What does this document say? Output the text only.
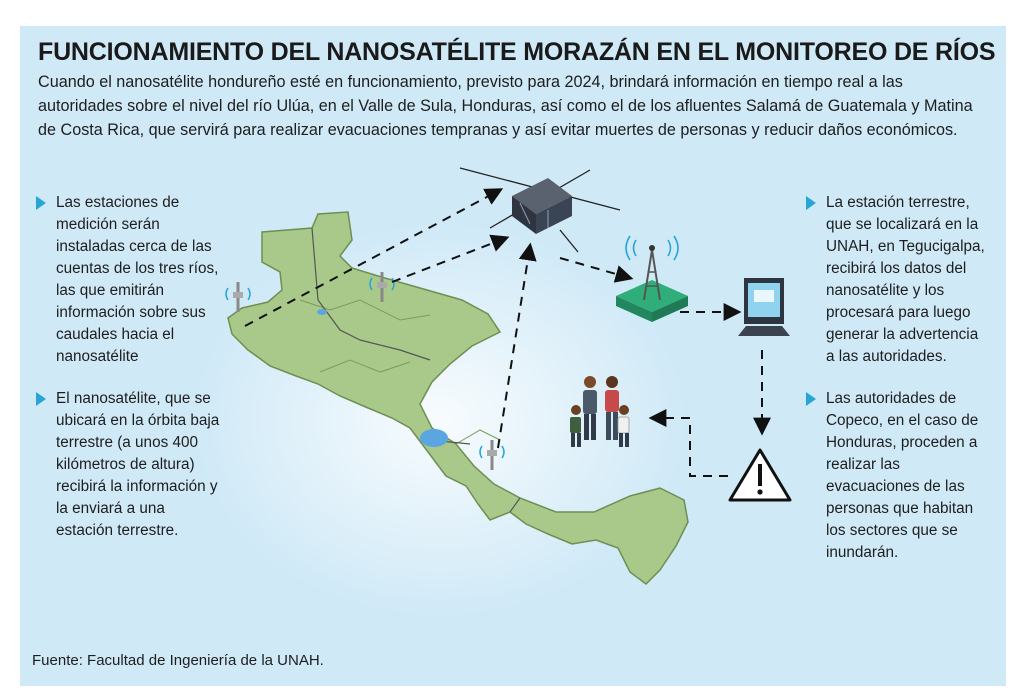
FUNCIONAMIENTO DEL NANOSATÉLITE MORAZÁN EN EL MONITOREO DE RÍOS
Cuando el nanosatélite hondureño esté en funcionamiento, previsto para 2024, brindará información en tiempo real a las autoridades sobre el nivel del río Ulúa, en el Valle de Sula, Honduras, así como el de los afluentes Salamá de Guatemala y Matina de Costa Rica, que servirá para realizar evacuaciones tempranas y así evitar muertes de personas y reducir daños económicos.
Las estaciones de medición serán instaladas cerca de las cuentas de los tres ríos, las que emitirán información sobre sus caudales hacia el nanosatélite
El nanosatélite, que se ubicará en la órbita baja terrestre (a unos 400 kilómetros de altura) recibirá la información y la enviará a una estación terrestre.
La estación terrestre, que se localizará en la UNAH, en Tegucigalpa, recibirá los datos del nanosatélite y los procesará para luego generar la advertencia a las autoridades.
Las autoridades de Copeco, en el caso de Honduras, proceden a realizar las evacuaciones de las personas que habitan los sectores que se inundarán.
Fuente: Facultad de Ingeniería de la UNAH.
